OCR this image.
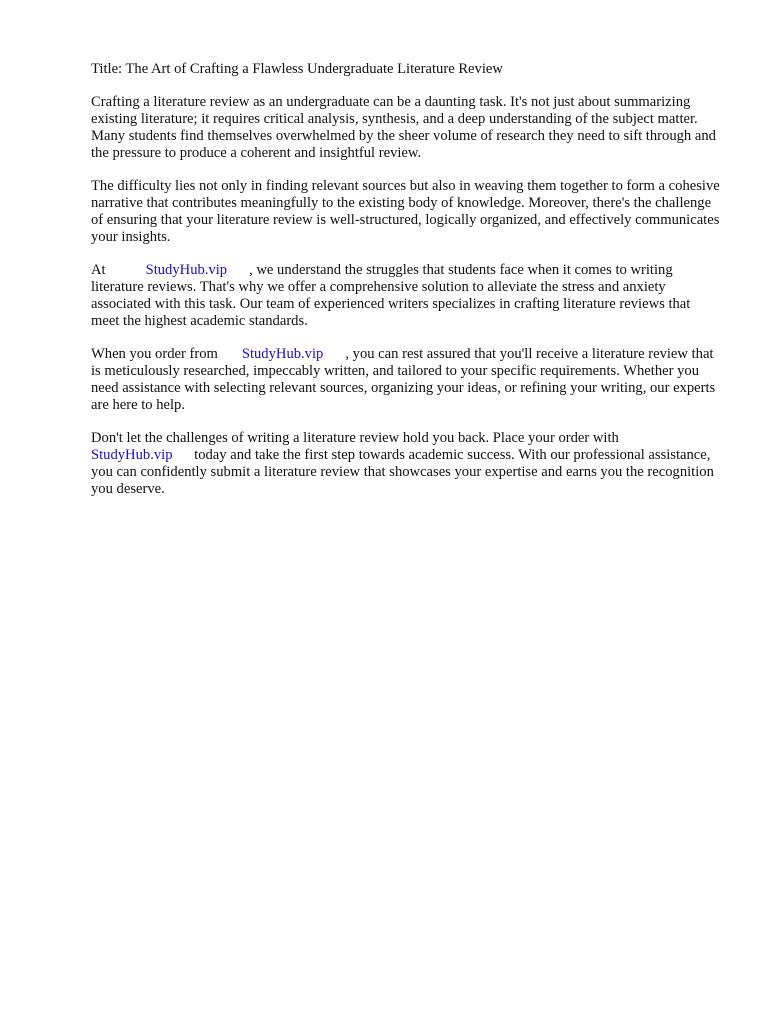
Title: The Art of Crafting a Flawless Undergraduate Literature Review

Crafting a literature review as an undergraduate can be a daunting task. It's not just about summarizing existing literature; it requires critical analysis, synthesis, and a deep understanding of the subject matter. Many students find themselves overwhelmed by the sheer volume of research they need to sift through and the pressure to produce a coherent and insightful review.

The difficulty lies not only in finding relevant sources but also in weaving them together to form a cohesive narrative that contributes meaningfully to the existing body of knowledge. Moreover, there's the challenge of ensuring that your literature review is well-structured, logically organized, and effectively communicates your insights.

At	StudyHub.vip , we understand the struggles that students face when it comes to writing literature reviews. That's why we offer a comprehensive solution to alleviate the stress and anxiety associated with this task. Our team of experienced writers specializes in crafting literature reviews that meet the highest academic standards.

When you order from StudyHub.vip , you can rest assured that you'll receive a literature review that is meticulously researched, impeccably written, and tailored to your specific requirements. Whether you need assistance with selecting relevant sources, organizing your ideas, or refining your writing, our experts are here to help.

Don't let the challenges of writing a literature review hold you back. Place your order with StudyHub.vip today and take the first step towards academic success. With our professional assistance, you can confidently submit a literature review that showcases your expertise and earns you the recognition you deserve.
